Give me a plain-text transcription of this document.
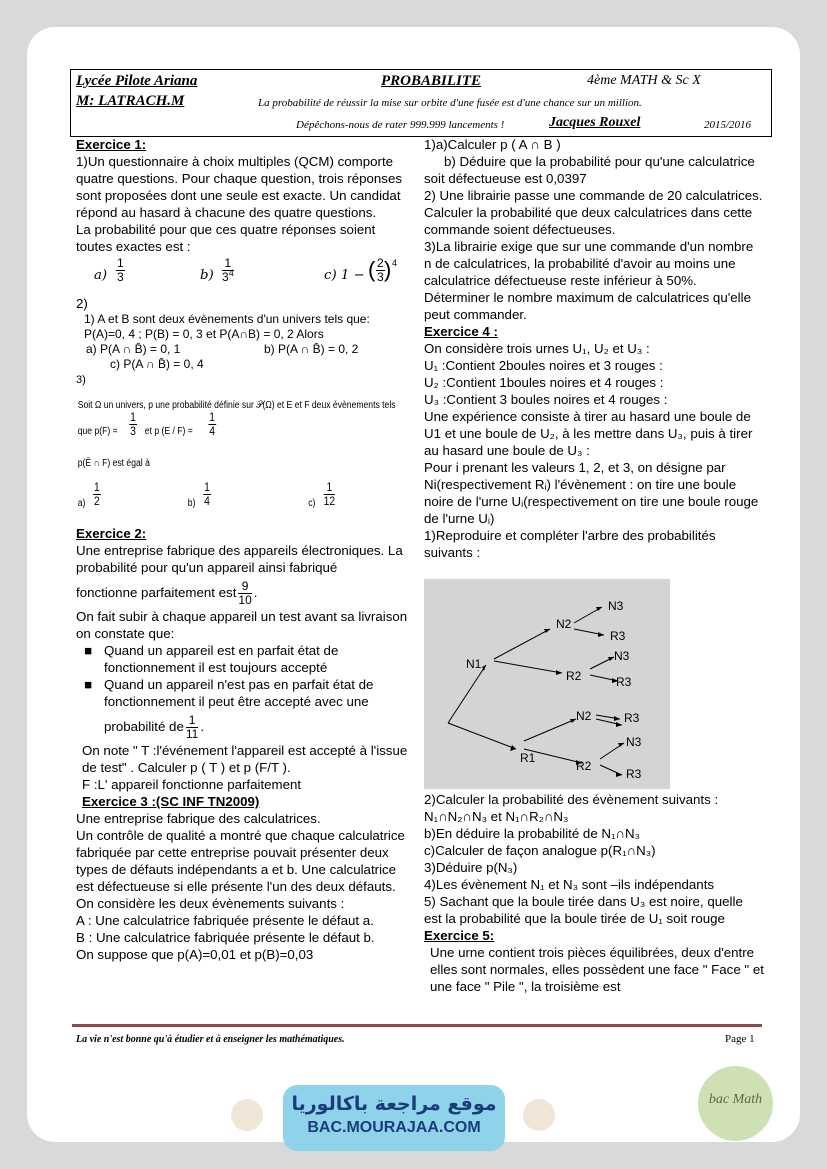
Lycée Pilote Ariana
M: LATRACH.M
PROBABILITE	4ème MATH & Sc X
La probabilité de réussir la mise sur orbite d'une fusée est d'une chance sur un million.
Dépêchons-nous de rater 999.999 lancements !	Jacques Rouxel	2015/2016

Exercice 1:

1)Un questionnaire à choix multiples (QCM) comporte quatre questions. Pour chaque question, trois réponses sont proposées dont une seule est exacte. Un candidat répond au hasard à chacune des quatre questions.

La probabilité pour que ces quatre réponses soient toutes exactes est :

$a) \frac{1}{3}$	$b) \frac{1}{3^4}$	c) 1 − ( $\frac{2}{3}$ ) 4

2)

1) A et B sont deux évènements d'un univers tels que:

P(A)=0, 4 ; P(B) = 0, 3 et P(A∩B) = 0, 2 Alors

a) P(A ∩ B̄) = 0, 1	b) P(A ∩ B̄) = 0, 2

c) P(A ∩ B̄) = 0, 4

3)

Soit Ω un univers, p une probabilité définie sur 𝒫(Ω) et E et F deux évènements tels
que $p(F) = \frac{1}{3}$ et p $(E / F) = \frac{1}{4}$
p(Ē ∩ F) est égal à
$a) \frac{1}{2}$	$b) \frac{1}{4}$	$c) \frac{1}{12}$

Exercice 2:

Une entreprise fabrique des appareils électroniques. La probabilité pour qu'un appareil ainsi fabriqué

fonctionne parfaitement est $\frac{9}{10}$ .

On fait subir à chaque appareil un test avant sa livraison on constate que:

■ Quand un appareil est en parfait état de fonctionnement il est toujours accepté

■ Quand un appareil n'est pas en parfait état de fonctionnement il peut être accepté avec une

probabilité de $\frac{1}{11}$ .

On note " T :l'événement l'appareil est accepté à l'issue de test" . Calculer p ( T ) et p (F/T ).

F :L' appareil fonctionne parfaitement

Exercice 3 :(SC INF TN2009)

Une entreprise fabrique des calculatrices.

Un contrôle de qualité a montré que chaque calculatrice fabriquée par cette entreprise pouvait présenter deux types de défauts indépendants a et b. Une calculatrice est défectueuse si elle présente l'un des deux défauts.

On considère les deux évènements suivants :

A : Une calculatrice fabriquée présente le défaut a.

B : Une calculatrice fabriquée présente le défaut b.

On suppose que p(A)=0,01 et p(B)=0,03

1)a)Calculer p ( A ∩ B )

b) Déduire que la probabilité pour qu'une calculatrice soit défectueuse est 0,0397

2) Une librairie passe une commande de 20 calculatrices.

Calculer la probabilité que deux calculatrices dans cette commande soient défectueuses.

3)La librairie exige que sur une commande d'un nombre n de calculatrices, la probabilité d'avoir au moins une calculatrice défectueuse reste inférieur à 50%. Déterminer le nombre maximum de calculatrices qu'elle peut commander.

Exercice 4 :

On considère trois urnes U₁, U₂ et U₃ :

U₁ :Contient 2boules noires et 3 rouges :

U₂ :Contient 1boules noires et 4 rouges :

U₃ :Contient 3 boules noires et 4 rouges :

Une expérience consiste à tirer au hasard une boule de U1 et une boule de U₂, à les mettre dans U₃, puis à tirer au hasard une boule de U₃ :

Pour i prenant les valeurs 1, 2, et 3, on désigne par Ni(respectivement Rᵢ) l'évènement : on tire une boule noire de l'urne Uᵢ(respectivement on tire une boule rouge de l'urne Uᵢ)

1)Reproduire et compléter l'arbre des probabilités suivants :

N1
R1
N2
R2
N2
R2
N3
R3
N3
R3
R3
N3
R3

2)Calculer la probabilité des évènement suivants :

N₁∩N₂∩N₃ et N₁∩R₂∩N₃

b)En déduire la probabilité de N₁∩N₃

c)Calculer de façon analogue p(R₁∩N₃)

3)Déduire p(N₃)

4)Les évènement N₁ et N₃ sont –ils indépendants

5) Sachant que la boule tirée dans U₃ est noire, quelle est la probabilité que la boule tirée de U₁ soit rouge

Exercice 5:

Une urne contient trois pièces équilibrées, deux d'entre elles sont normales, elles possèdent une face " Face " et une face " Pile ", la troisième est

La vie n'est bonne qu'à étudier et à enseigner les mathématiques.	Page 1
موقع مراجعة باكالوريا
BAC.MOURAJAA.COM
bac Math
